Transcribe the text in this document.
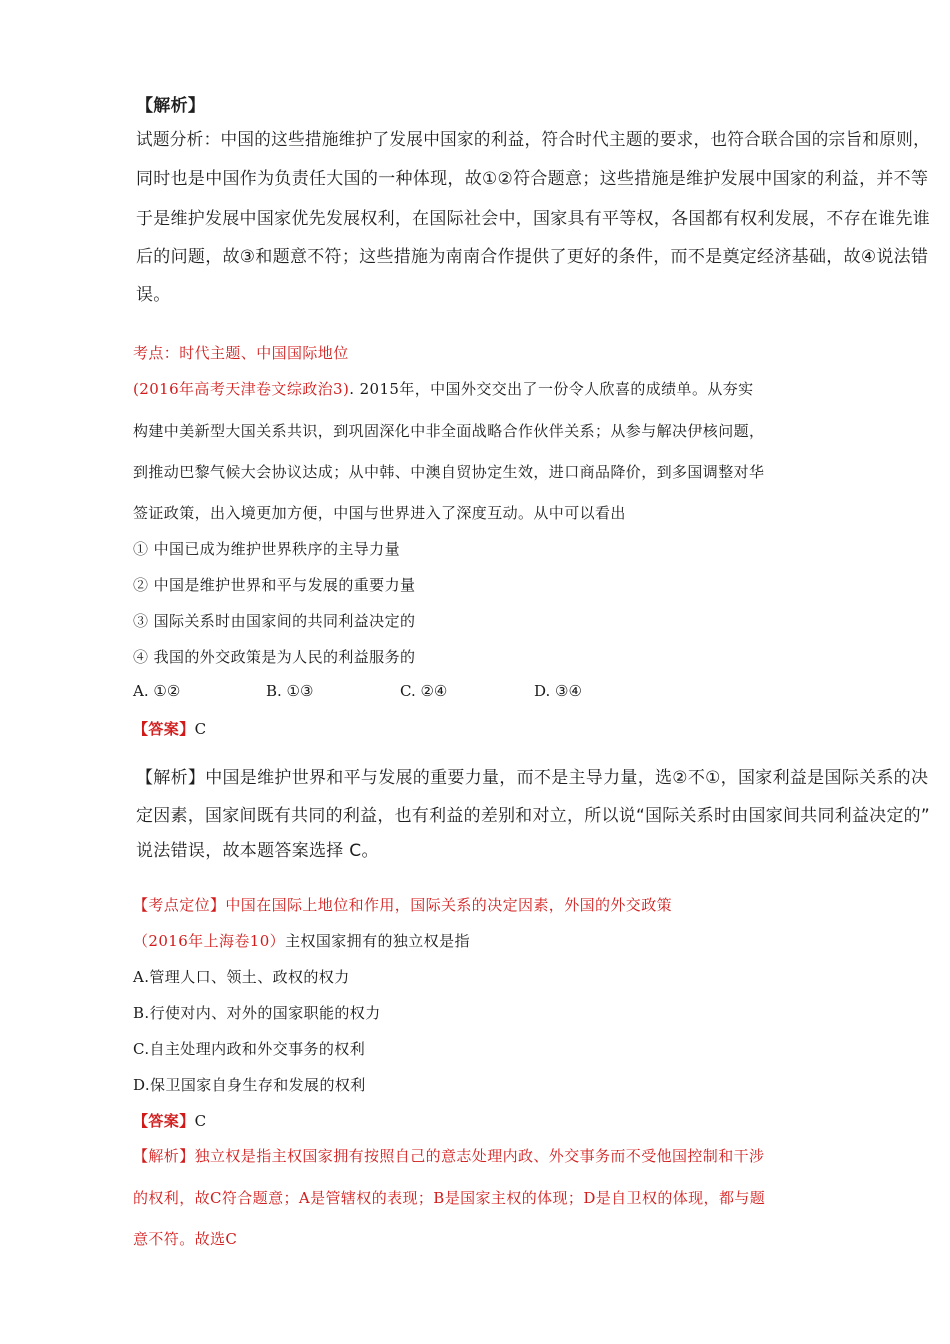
【解析】

试题分析：中国的这些措施维护了发展中国家的利益，符合时代主题的要求，也符合联合国的宗旨和原则，

同时也是中国作为负责任大国的一种体现，故①②符合题意；这些措施是维护发展中国家的利益，并不等

于是维护发展中国家优先发展权利，在国际社会中，国家具有平等权，各国都有权利发展，不存在谁先谁

后的问题，故③和题意不符；这些措施为南南合作提供了更好的条件，而不是奠定经济基础，故④说法错

误。

考点：时代主题、中国国际地位

(2016年高考天津卷文综政治3). 2015年，中国外交交出了一份令人欣喜的成绩单。从夯实

构建中美新型大国关系共识，到巩固深化中非全面战略合作伙伴关系；从参与解决伊核问题，

到推动巴黎气候大会协议达成；从中韩、中澳自贸协定生效，进口商品降价，到多国调整对华

签证政策，出入境更加方便，中国与世界进入了深度互动。从中可以看出

① 中国已成为维护世界秩序的主导力量

② 中国是维护世界和平与发展的重要力量

③ 国际关系时由国家间的共同利益决定的

④ 我国的外交政策是为人民的利益服务的

A. ①②	B. ①③	C. ②④	D. ③④

【答案】C

【解析】中国是维护世界和平与发展的重要力量，而不是主导力量，选②不①，国家利益是国际关系的决

定因素，国家间既有共同的利益，也有利益的差别和对立，所以说“国际关系时由国家间共同利益决定的”

说法错误，故本题答案选择 C。

【考点定位】中国在国际上地位和作用，国际关系的决定因素，外国的外交政策

（2016年上海卷10）主权国家拥有的独立权是指

A.管理人口、领土、政权的权力

B.行使对内、对外的国家职能的权力

C.自主处理内政和外交事务的权利

D.保卫国家自身生存和发展的权利

【答案】C

【解析】独立权是指主权国家拥有按照自己的意志处理内政、外交事务而不受他国控制和干涉

的权利，故C符合题意；A是管辖权的表现；B是国家主权的体现；D是自卫权的体现，都与题

意不符。故选C
